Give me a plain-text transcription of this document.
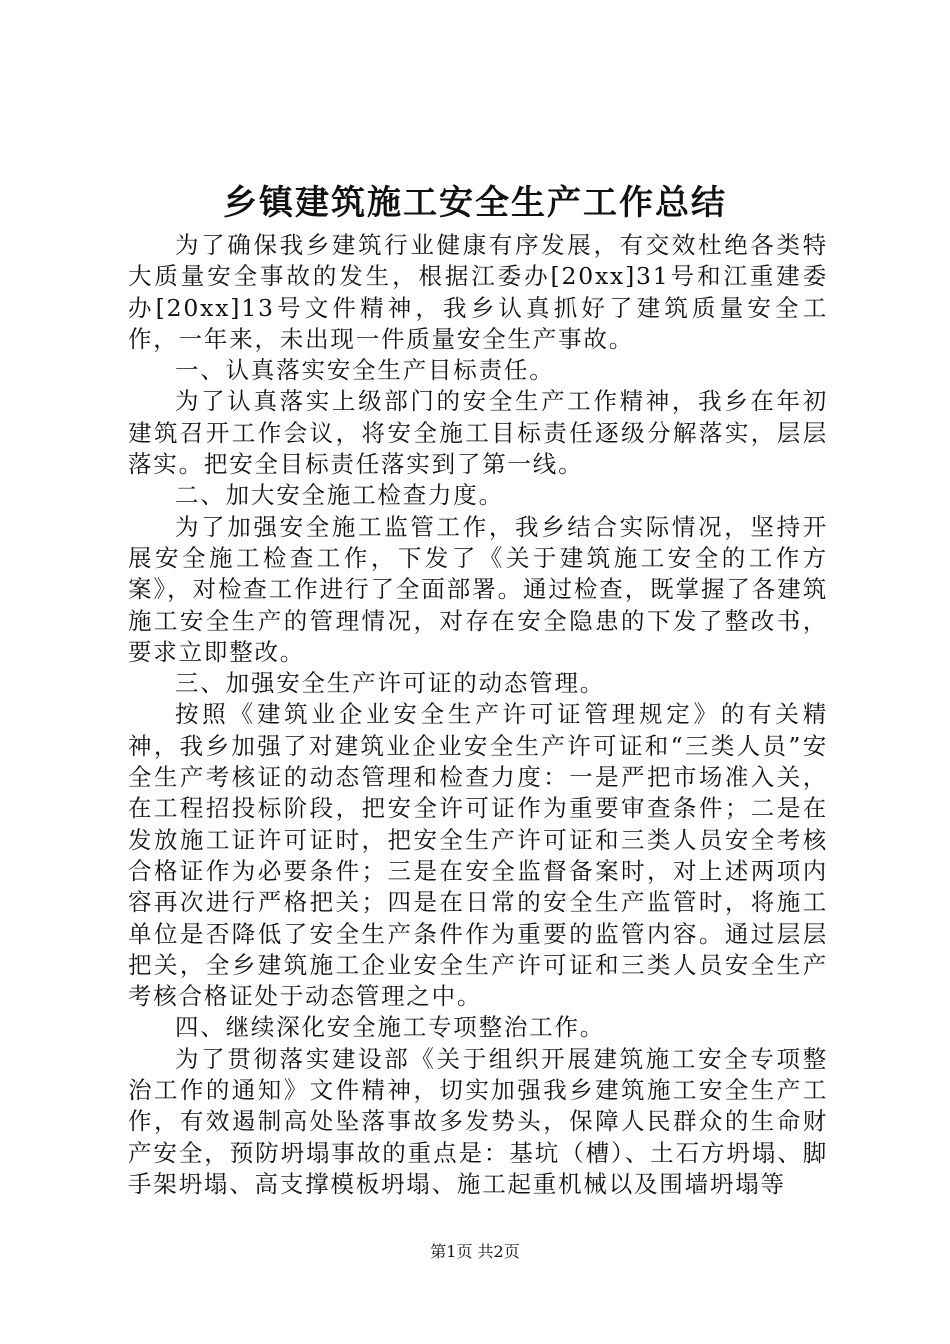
乡镇建筑施工安全生产工作总结

为了确保我乡建筑行业健康有序发展，有交效杜绝各类特大质量安全事故的发生，根据江委办[20xx]31号和江重建委办[20xx]13号文件精神，我乡认真抓好了建筑质量安全工作，一年来，未出现一件质量安全生产事故。

一、认真落实安全生产目标责任。

为了认真落实上级部门的安全生产工作精神，我乡在年初建筑召开工作会议，将安全施工目标责任逐级分解落实，层层落实。把安全目标责任落实到了第一线。

二、加大安全施工检查力度。

为了加强安全施工监管工作，我乡结合实际情况，坚持开展安全施工检查工作，下发了《关于建筑施工安全的工作方案》，对检查工作进行了全面部署。通过检查，既掌握了各建筑施工安全生产的管理情况，对存在安全隐患的下发了整改书，要求立即整改。

三、加强安全生产许可证的动态管理。

按照《建筑业企业安全生产许可证管理规定》的有关精神，我乡加强了对建筑业企业安全生产许可证和“三类人员”安全生产考核证的动态管理和检查力度：一是严把市场准入关，在工程招投标阶段，把安全许可证作为重要审查条件；二是在发放施工证许可证时，把安全生产许可证和三类人员安全考核合格证作为必要条件；三是在安全监督备案时，对上述两项内容再次进行严格把关；四是在日常的安全生产监管时，将施工单位是否降低了安全生产条件作为重要的监管内容。通过层层把关，全乡建筑施工企业安全生产许可证和三类人员安全生产考核合格证处于动态管理之中。

四、继续深化安全施工专项整治工作。

为了贯彻落实建设部《关于组织开展建筑施工安全专项整治工作的通知》文件精神，切实加强我乡建筑施工安全生产工作，有效遏制高处坠落事故多发势头，保障人民群众的生命财产安全，预防坍塌事故的重点是：基坑（槽）、土石方坍塌、脚手架坍塌、高支撑模板坍塌、施工起重机械以及围墙坍塌等

第1页 共2页
